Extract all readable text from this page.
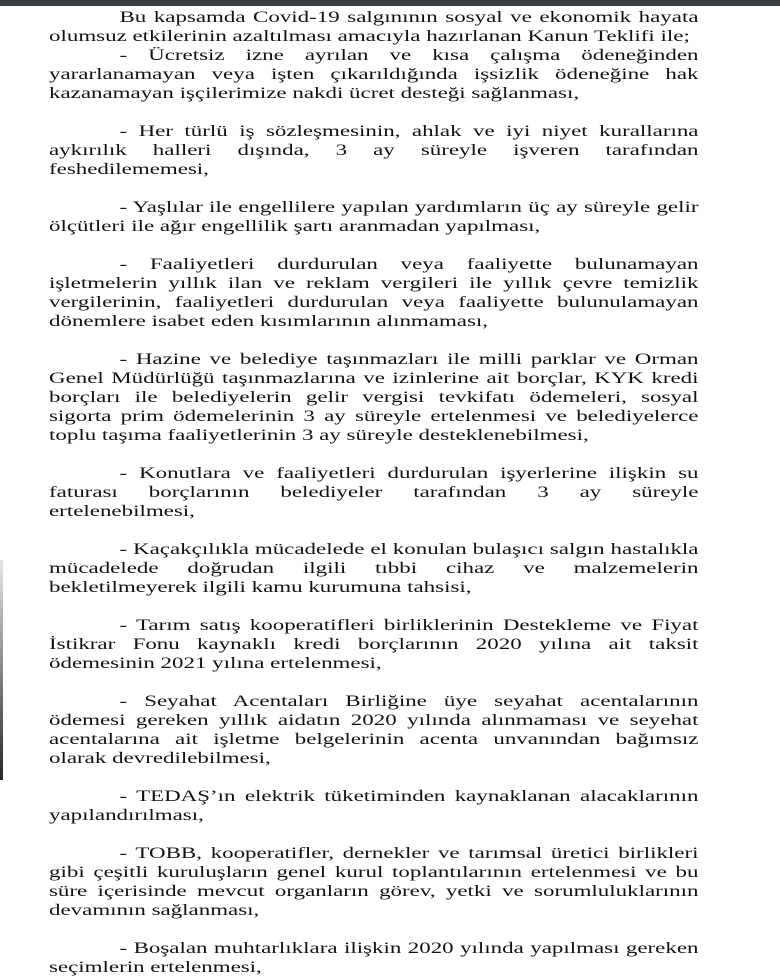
Bu kapsamda Covid-19 salgınının sosyal ve ekonomik hayata olumsuz etkilerinin azaltılması amacıyla hazırlanan Kanun Teklifi ile;

- Ücretsiz izne ayrılan ve kısa çalışma ödeneğinden yararlanamayan veya işten çıkarıldığında işsizlik ödeneğine hak kazanamayan işçilerimize nakdi ücret desteği sağlanması,

- Her türlü iş sözleşmesinin, ahlak ve iyi niyet kurallarına aykırılık halleri dışında, 3 ay süreyle işveren tarafından feshedilememesi,

- Yaşlılar ile engellilere yapılan yardımların üç ay süreyle gelir ölçütleri ile ağır engellilik şartı aranmadan yapılması,

- Faaliyetleri durdurulan veya faaliyette bulunamayan işletmelerin yıllık ilan ve reklam vergileri ile yıllık çevre temizlik vergilerinin, faaliyetleri durdurulan veya faaliyette bulunulamayan dönemlere isabet eden kısımlarının alınmaması,

- Hazine ve belediye taşınmazları ile milli parklar ve Orman Genel Müdürlüğü taşınmazlarına ve izinlerine ait borçlar, KYK kredi borçları ile belediyelerin gelir vergisi tevkifatı ödemeleri, sosyal sigorta prim ödemelerinin 3 ay süreyle ertelenmesi ve belediyelerce toplu taşıma faaliyetlerinin 3 ay süreyle desteklenebilmesi,

- Konutlara ve faaliyetleri durdurulan işyerlerine ilişkin su faturası borçlarının belediyeler tarafından 3 ay süreyle ertelenebilmesi,

- Kaçakçılıkla mücadelede el konulan bulaşıcı salgın hastalıkla mücadelede doğrudan ilgili tıbbi cihaz ve malzemelerin bekletilmeyerek ilgili kamu kurumuna tahsisi,

- Tarım satış kooperatifleri birliklerinin Destekleme ve Fiyat İstikrar Fonu kaynaklı kredi borçlarının 2020 yılına ait taksit ödemesinin 2021 yılına ertelenmesi,

- Seyahat Acentaları Birliğine üye seyahat acentalarının ödemesi gereken yıllık aidatın 2020 yılında alınmaması ve seyehat acentalarına ait işletme belgelerinin acenta unvanından bağımsız olarak devredilebilmesi,

- TEDAŞ’ın elektrik tüketiminden kaynaklanan alacaklarının yapılandırılması,

- TOBB, kooperatifler, dernekler ve tarımsal üretici birlikleri gibi çeşitli kuruluşların genel kurul toplantılarının ertelenmesi ve bu süre içerisinde mevcut organların görev, yetki ve sorumluluklarının devamının sağlanması,

- Boşalan muhtarlıklara ilişkin 2020 yılında yapılması gereken seçimlerin ertelenmesi,
